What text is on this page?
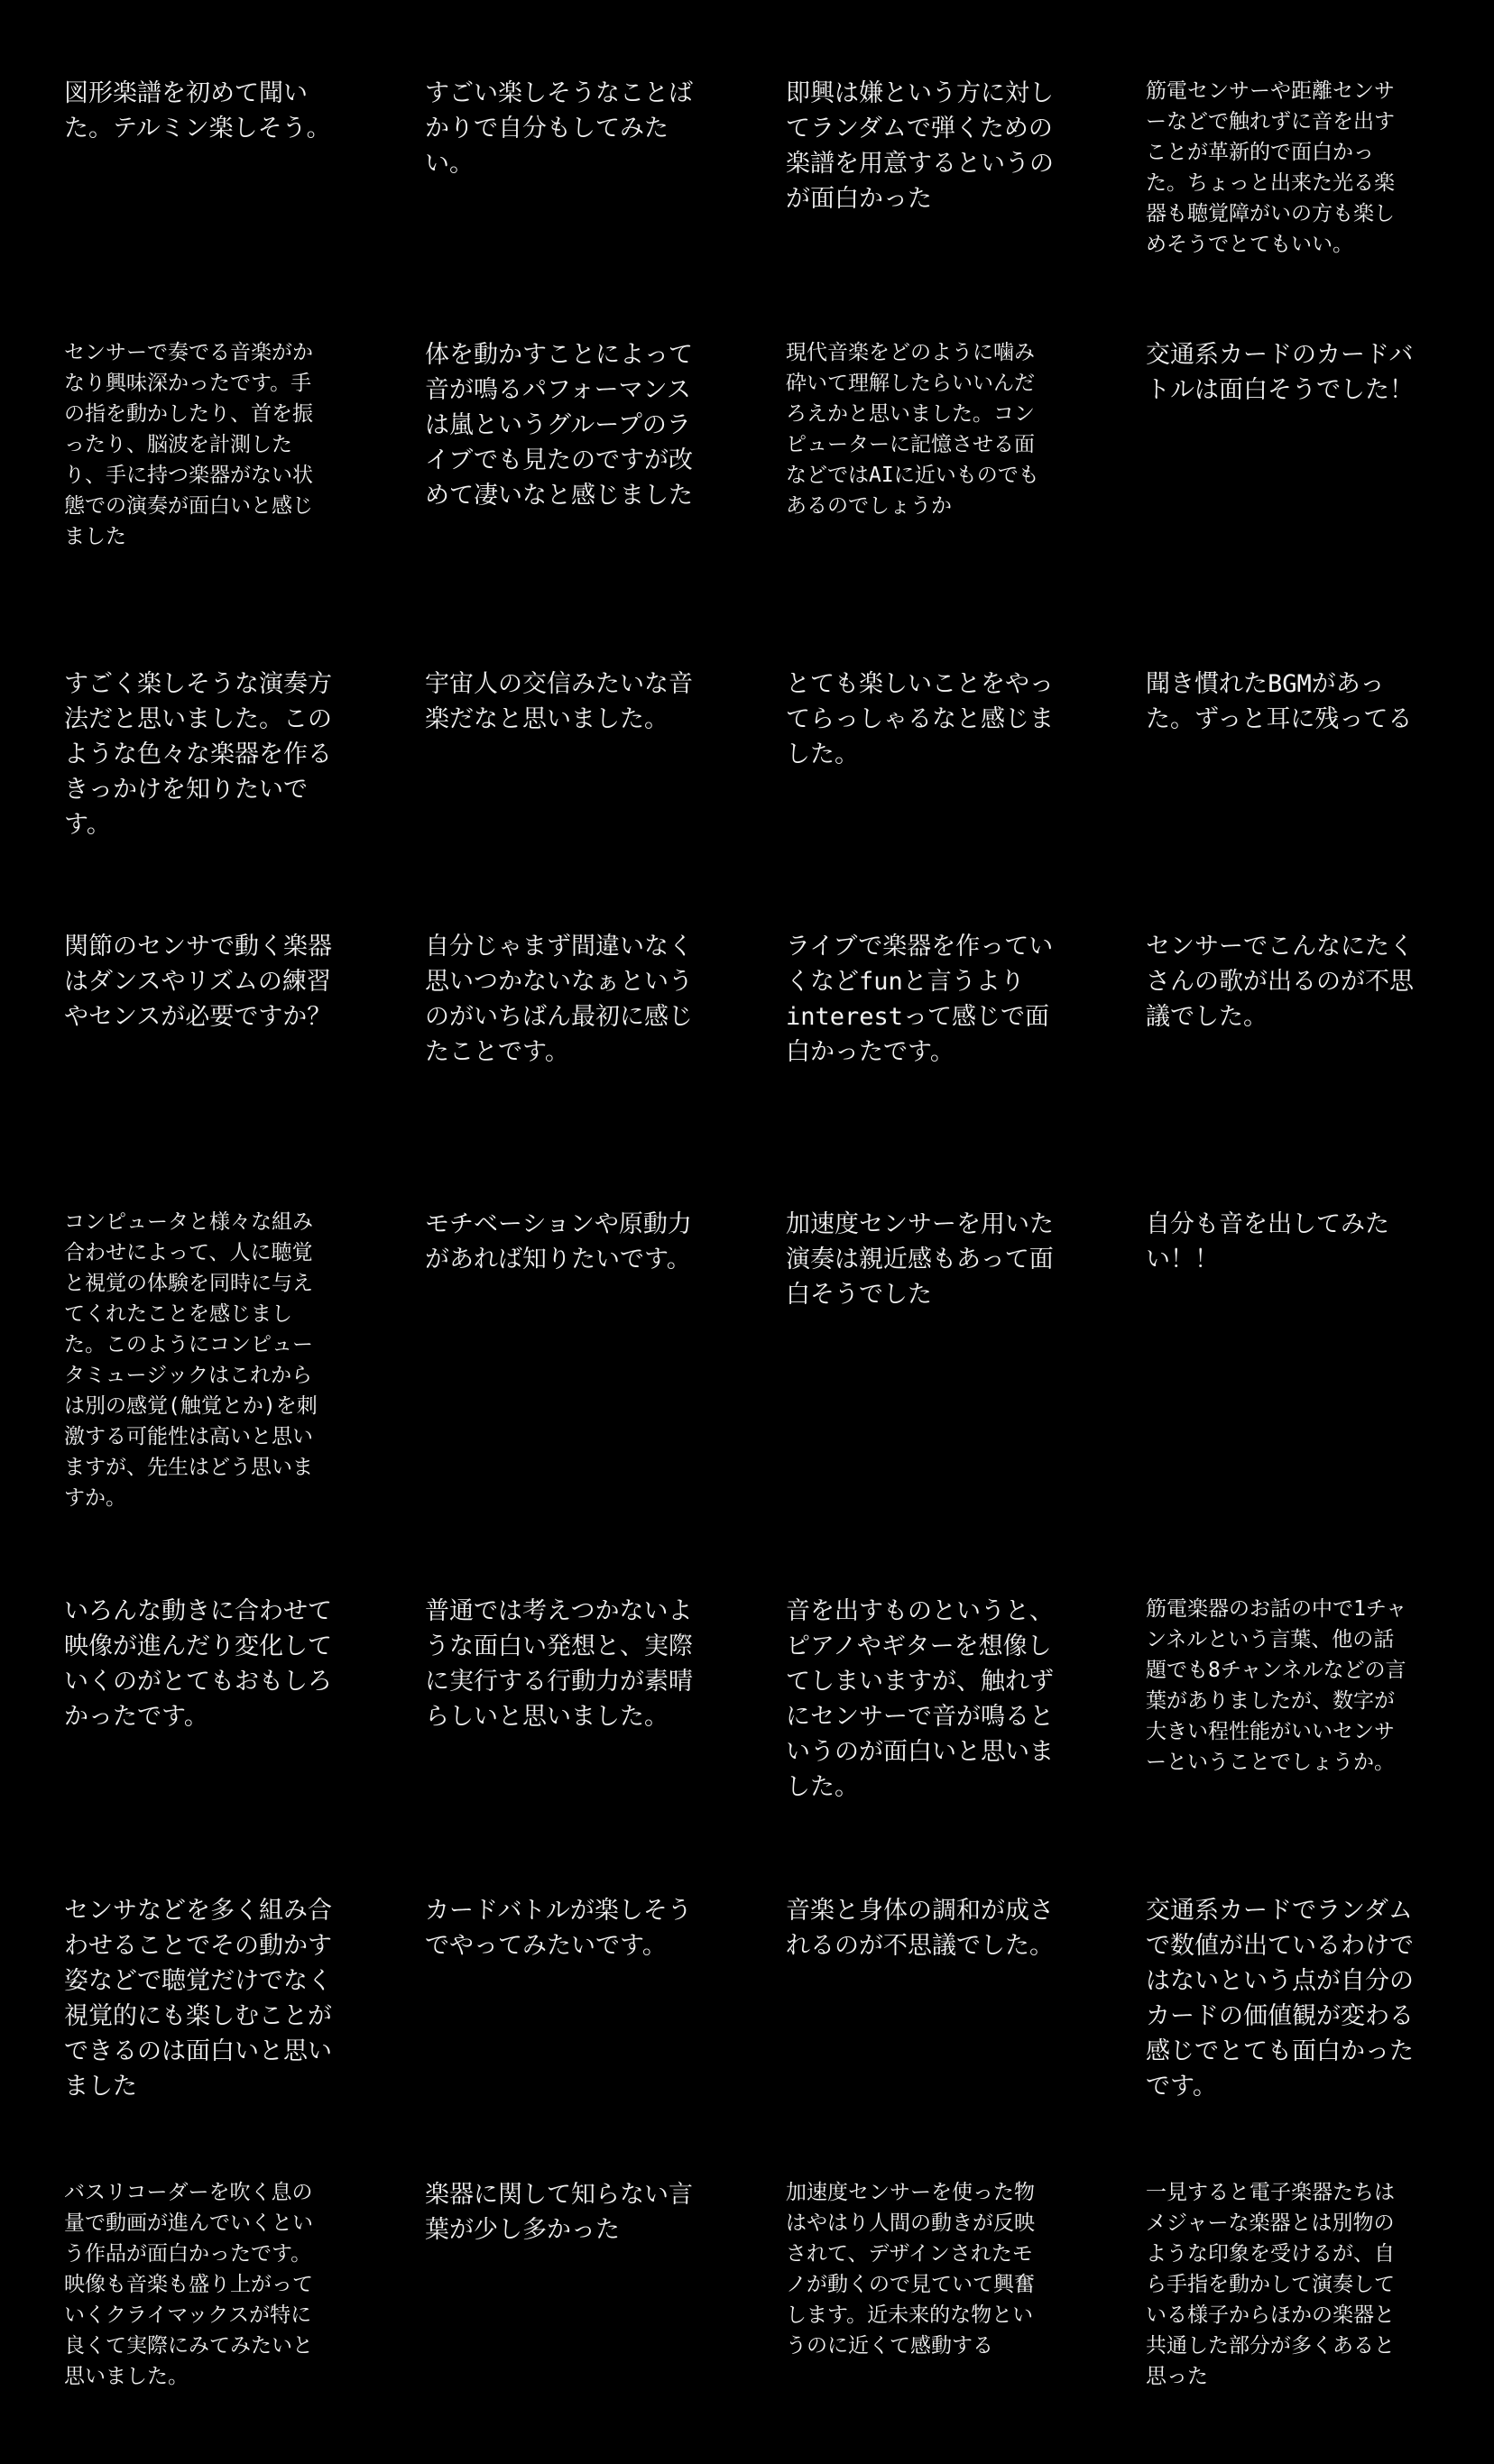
図形楽譜を初めて聞い
た。テルミン楽しそう。

すごい楽しそうなことば
かりで自分もしてみた
い。

即興は嫌という方に対し
てランダムで弾くための
楽譜を用意するというの
が面白かった

筋電センサーや距離センサ
ーなどで触れずに音を出す
ことが革新的で面白かっ
た。ちょっと出来た光る楽
器も聴覚障がいの方も楽し
めそうでとてもいい。

センサーで奏でる音楽がか
なり興味深かったです。手
の指を動かしたり、首を振
ったり、脳波を計測した
り、手に持つ楽器がない状
態での演奏が面白いと感じ
ました

体を動かすことによって
音が鳴るパフォーマンス
は嵐というグループのラ
イブでも見たのですが改
めて凄いなと感じました

現代音楽をどのように噛み
砕いて理解したらいいんだ
ろえかと思いました。コン
ピューターに記憶させる面
などではAIに近いものでも
あるのでしょうか

交通系カードのカードバ
トルは面白そうでした！

すごく楽しそうな演奏方
法だと思いました。この
ような色々な楽器を作る
きっかけを知りたいで
す。

宇宙人の交信みたいな音
楽だなと思いました。

とても楽しいことをやっ
てらっしゃるなと感じま
した。

聞き慣れたBGMがあっ
た。ずっと耳に残ってる

関節のセンサで動く楽器
はダンスやリズムの練習
やセンスが必要ですか？

自分じゃまず間違いなく
思いつかないなぁという
のがいちばん最初に感じ
たことです。

ライブで楽器を作ってい
くなどfunと言うより
interestって感じで面
白かったです。

センサーでこんなにたく
さんの歌が出るのが不思
議でした。

コンピュータと様々な組み
合わせによって、人に聴覚
と視覚の体験を同時に与え
てくれたことを感じまし
た。このようにコンピュー
タミュージックはこれから
は別の感覚(触覚とか)を刺
激する可能性は高いと思い
ますが、先生はどう思いま
すか。

モチベーションや原動力
があれば知りたいです。

加速度センサーを用いた
演奏は親近感もあって面
白そうでした

自分も音を出してみた
い！！

いろんな動きに合わせて
映像が進んだり変化して
いくのがとてもおもしろ
かったです。

普通では考えつかないよ
うな面白い発想と、実際
に実行する行動力が素晴
らしいと思いました。

音を出すものというと、
ピアノやギターを想像し
てしまいますが、触れず
にセンサーで音が鳴ると
いうのが面白いと思いま
した。

筋電楽器のお話の中で1チャ
ンネルという言葉、他の話
題でも8チャンネルなどの言
葉がありましたが、数字が
大きい程性能がいいセンサ
ーということでしょうか。

センサなどを多く組み合
わせることでその動かす
姿などで聴覚だけでなく
視覚的にも楽しむことが
できるのは面白いと思い
ました

カードバトルが楽しそう
でやってみたいです。

音楽と身体の調和が成さ
れるのが不思議でした。

交通系カードでランダム
で数値が出ているわけで
はないという点が自分の
カードの価値観が変わる
感じでとても面白かった
です。

バスリコーダーを吹く息の
量で動画が進んでいくとい
う作品が面白かったです。
映像も音楽も盛り上がって
いくクライマックスが特に
良くて実際にみてみたいと
思いました。

楽器に関して知らない言
葉が少し多かった

加速度センサーを使った物
はやはり人間の動きが反映
されて、デザインされたモ
ノが動くので見ていて興奮
します。近未来的な物とい
うのに近くて感動する

一見すると電子楽器たちは
メジャーな楽器とは別物の
ような印象を受けるが、自
ら手指を動かして演奏して
いる様子からほかの楽器と
共通した部分が多くあると
思った
